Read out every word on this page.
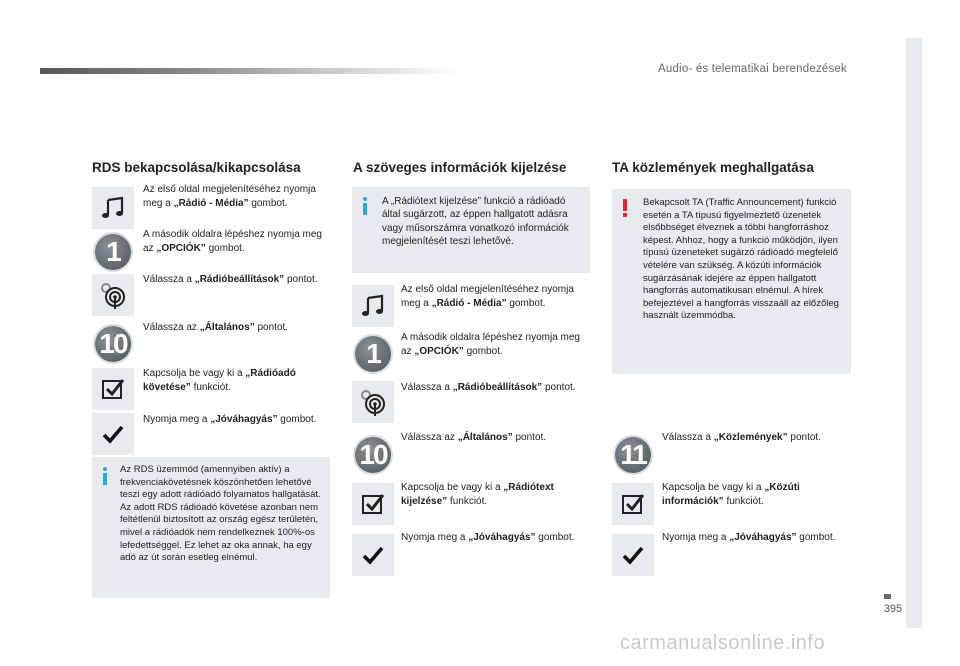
Audio- és telematikai berendezések
395
RDS bekapcsolása/kikapcsolása
Az első oldal megjelenítéséhez nyomja meg a „Rádió - Média” gombot.
1
A második oldalra lépéshez nyomja meg az „OPCIÓK” gombot.
Válassza a „Rádióbeállítások” pontot.
10
Válassza az „Általános” pontot.
Kapcsolja be vagy ki a „Rádióadó követése” funkciót.
Nyomja meg a „Jóváhagyás” gombot.
Az RDS üzemmód (amennyiben aktív) a frekvenciakövetésnek köszönhetően lehetővé teszi egy adott rádióadó folyamatos hallgatását. Az adott RDS rádióadó követése azonban nem feltétlenül biztosított az ország egész területén, mivel a rádióadók nem rendelkeznek 100%-os lefedettséggel. Ez lehet az oka annak, ha egy adó az út során esetleg elnémul.
A szöveges információk kijelzése
A „Rádiótext kijelzése” funkció a rádióadó által sugárzott, az éppen hallgatott adásra vagy műsorszámra vonatkozó információk megjelenítését teszi lehetővé.
Az első oldal megjelenítéséhez nyomja meg a „Rádió - Média” gombot.
1
A második oldalra lépéshez nyomja meg az „OPCIÓK” gombot.
Válassza a „Rádióbeállítások” pontot.
10
Válassza az „Általános” pontot.
Kapcsolja be vagy ki a „Rádiótext kijelzése” funkciót.
Nyomja meg a „Jóváhagyás” gombot.
TA közlemények meghallgatása
Bekapcsolt TA (Traffic Announcement) funkció esetén a TA típusú figyelmeztető üzenetek elsőbbséget élveznek a többi hangforráshoz képest. Ahhoz, hogy a funkció működjön, ilyen típusú üzeneteket sugárzó rádióadó megfelelő vételére van szükség. A közúti információk sugárzásának idejére az éppen hallgatott hangforrás automatikusan elnémul. A hírek befejeztével a hangforrás visszaáll az előzőleg használt üzemmódba.
11
Válassza a „Közlemények” pontot.
Kapcsolja be vagy ki a „Közúti információk” funkciót.
Nyomja meg a „Jóváhagyás” gombot.
carmanualsonline.info
